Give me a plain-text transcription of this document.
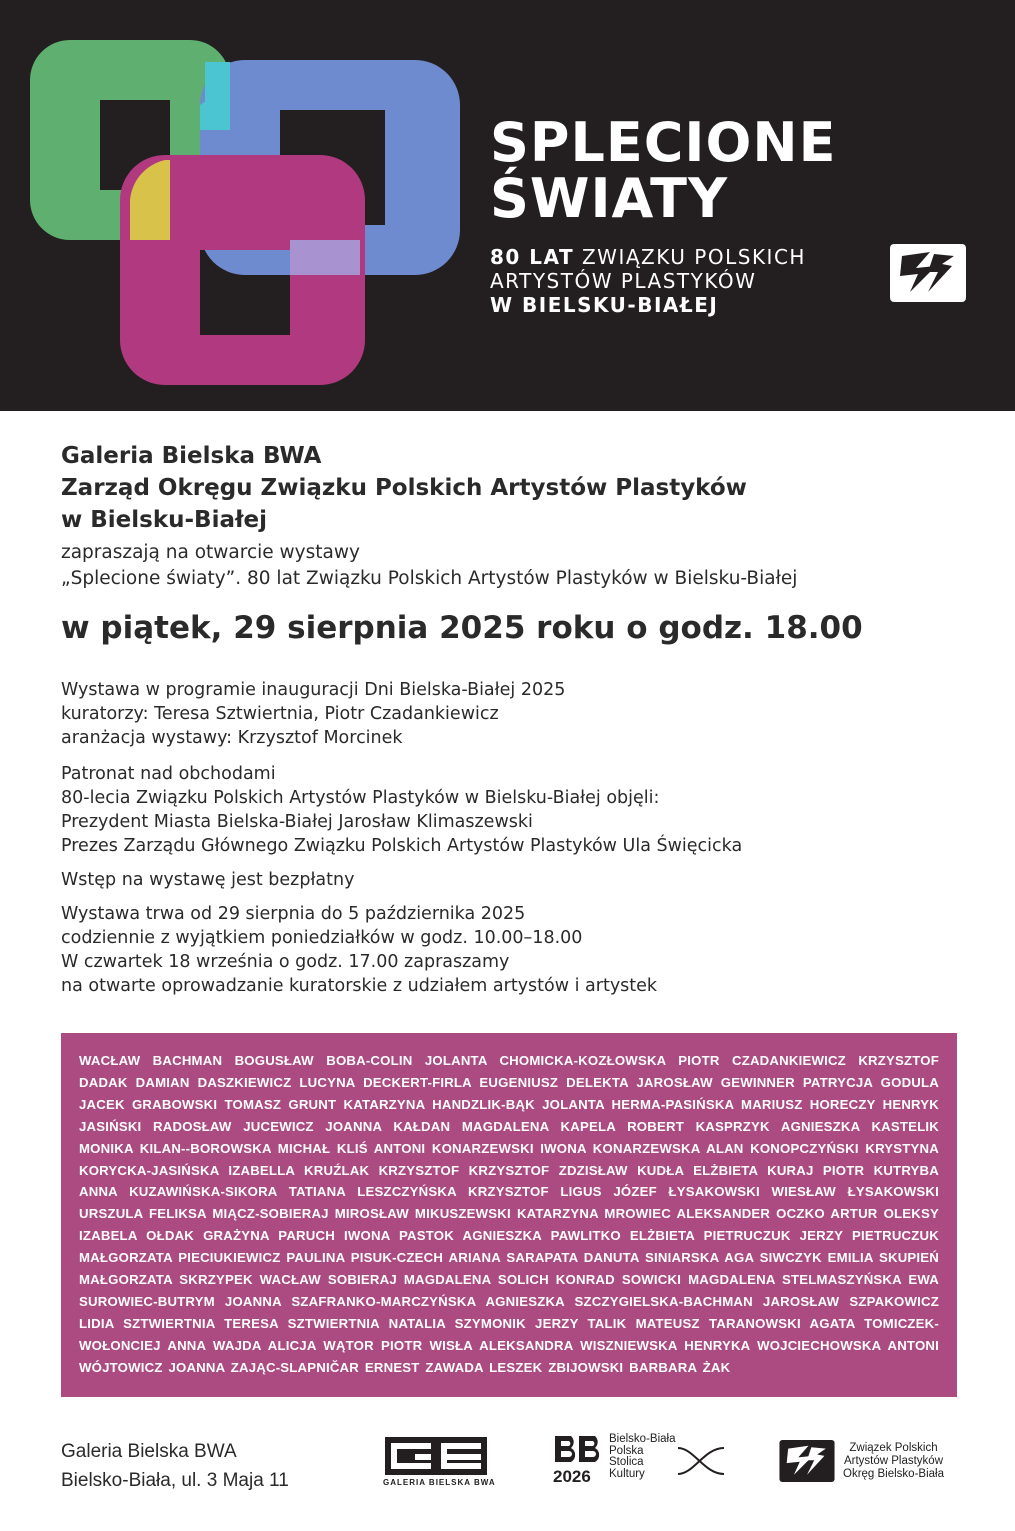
SPLECIONE
ŚWIATY
80 LAT ZWIĄZKU POLSKICH
ARTYSTÓW PLASTYKÓW
W BIELSKU-BIAŁEJ
Galeria Bielska BWA
Zarząd Okręgu Związku Polskich Artystów Plastyków
w Bielsku-Białej
zapraszają na otwarcie wystawy
„Splecione światy”. 80 lat Związku Polskich Artystów Plastyków w Bielsku-Białej
w piątek, 29 sierpnia 2025 roku o godz. 18.00
Wystawa w programie inauguracji Dni Bielska-Białej 2025
kuratorzy: Teresa Sztwiertnia, Piotr Czadankiewicz
aranżacja wystawy: Krzysztof Morcinek
Patronat nad obchodami
80-lecia Związku Polskich Artystów Plastyków w Bielsku-Białej objęli:
Prezydent Miasta Bielska-Białej Jarosław Klimaszewski
Prezes Zarządu Głównego Związku Polskich Artystów Plastyków Ula Święcicka
Wstęp na wystawę jest bezpłatny
Wystawa trwa od 29 sierpnia do 5 października 2025
codziennie z wyjątkiem poniedziałków w godz. 10.00–18.00
W czwartek 18 września o godz. 17.00 zapraszamy
na otwarte oprowadzanie kuratorskie z udziałem artystów i artystek
WACŁAW BACHMAN BOGUSŁAW BOBA-COLIN JOLANTA CHOMICKA-KOZŁOWSKA PIOTR CZADANKIEWICZ KRZYSZTOF DADAK DAMIAN DASZKIEWICZ LUCYNA DECKERT-FIRLA EUGENIUSZ DELEKTA JAROSŁAW GEWINNER PATRYCJA GODULA JACEK GRABOWSKI TOMASZ GRUNT KATARZYNA HANDZLIK-BĄK JOLANTA HERMA-PASIŃSKA MARIUSZ HORECZY HENRYK JASIŃSKI RADOSŁAW JUCEWICZ JOANNA KAŁDAN MAGDALENA KAPELA ROBERT KASPRZYK AGNIESZKA KASTELIK MONIKA KILAN--BOROWSKA MICHAŁ KLIŚ ANTONI KONARZEWSKI IWONA KONARZEWSKA ALAN KONOPCZYŃSKI KRYSTYNA KORYCKA-JASIŃSKA IZABELLA KRUŹLAK KRZYSZTOF KRZYSZTOF ZDZISŁAW KUDŁA ELŻBIETA KURAJ PIOTR KUTRYBA ANNA KUZAWIŃSKA-SIKORA TATIANA LESZCZYŃSKA KRZYSZTOF LIGUS JÓZEF ŁYSAKOWSKI WIESŁAW ŁYSAKOWSKI URSZULA FELIKSA MIĄCZ-SOBIERAJ MIROSŁAW MIKUSZEWSKI KATARZYNA MROWIEC ALEKSANDER OCZKO ARTUR OLEKSY IZABELA OŁDAK GRAŻYNA PARUCH IWONA PASTOK AGNIESZKA PAWLITKO ELŻBIETA PIETRUCZUK JERZY PIETRUCZUK MAŁGORZATA PIECIUKIEWICZ PAULINA PISUK-CZECH ARIANA SARAPATA DANUTA SINIARSKA AGA SIWCZYK EMILIA SKUPIEŃ MAŁGORZATA SKRZYPEK WACŁAW SOBIERAJ MAGDALENA SOLICH KONRAD SOWICKI MAGDALENA STELMASZYŃSKA EWA SUROWIEC-BUTRYM JOANNA SZAFRANKO-MARCZYŃSKA AGNIESZKA SZCZYGIELSKA-BACHMAN JAROSŁAW SZPAKOWICZ LIDIA SZTWIERTNIA TERESA SZTWIERTNIA NATALIA SZYMONIK JERZY TALIK MATEUSZ TARANOWSKI AGATA TOMICZEK-WOŁONCIEJ ANNA WAJDA ALICJA WĄTOR PIOTR WISŁA ALEKSANDRA WISZNIEWSKA HENRYKA WOJCIECHOWSKA ANTONI WÓJTOWICZ JOANNA ZAJĄC-SLAPNIČAR ERNEST ZAWADA LESZEK ZBIJOWSKI BARBARA ŻAK
Galeria Bielska BWA
Bielsko-Biała, ul. 3 Maja 11	GALERIA BIELSKA BWA	2026
Bielsko-Biała
Polska
Stolica
Kultury
Związek Polskich
Artystów Plastyków
Okręg Bielsko-Biała
